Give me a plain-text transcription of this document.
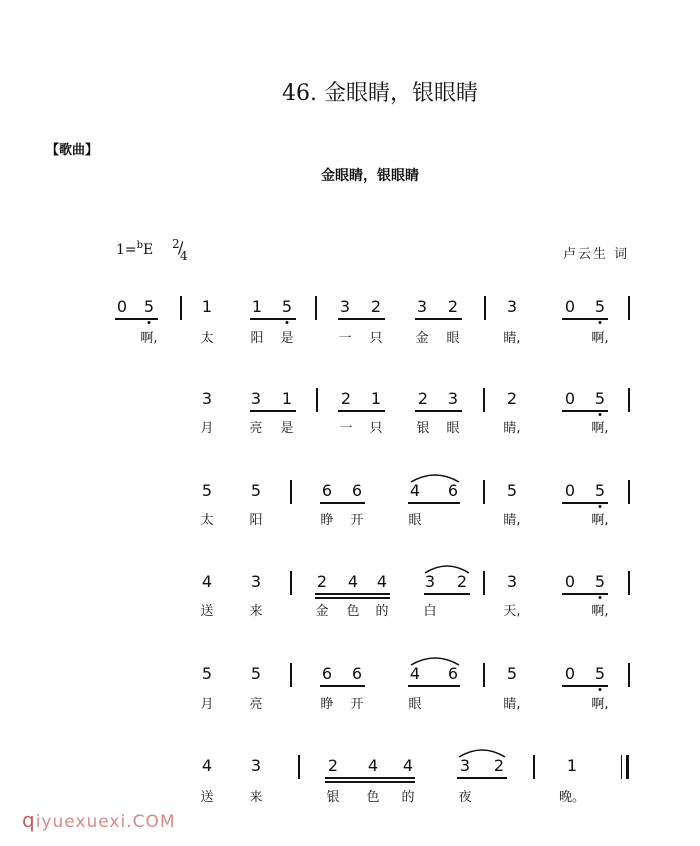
46. 金眼睛，银眼睛
【歌曲】
金眼睛，银眼睛
1=$^b$E 2
/
4	卢云生 词
0 5	1 1 5	3 2 3 2	3	0 5
啊,	太	阳 是	一 只	金 眼	睛,	啊,
3 3 1	2 1 2 3	2	0 5
月	亮 是	一 只	银 眼	睛,	啊,
5 5	6 6	4 6	5	0 5
太	阳	睁 开	眼	睛,	啊,
4 3	2 4 4 3 2 3	0 5
送	来	金 色 的	白	天,	啊,
5 5	6 6	4 6	5	0 5
月	亮	睁 开	眼	睛,	啊,
4 3	2 4 4	3 2	1
送	来	银 色 的	夜	晚。
qiyuexuexi.COM
